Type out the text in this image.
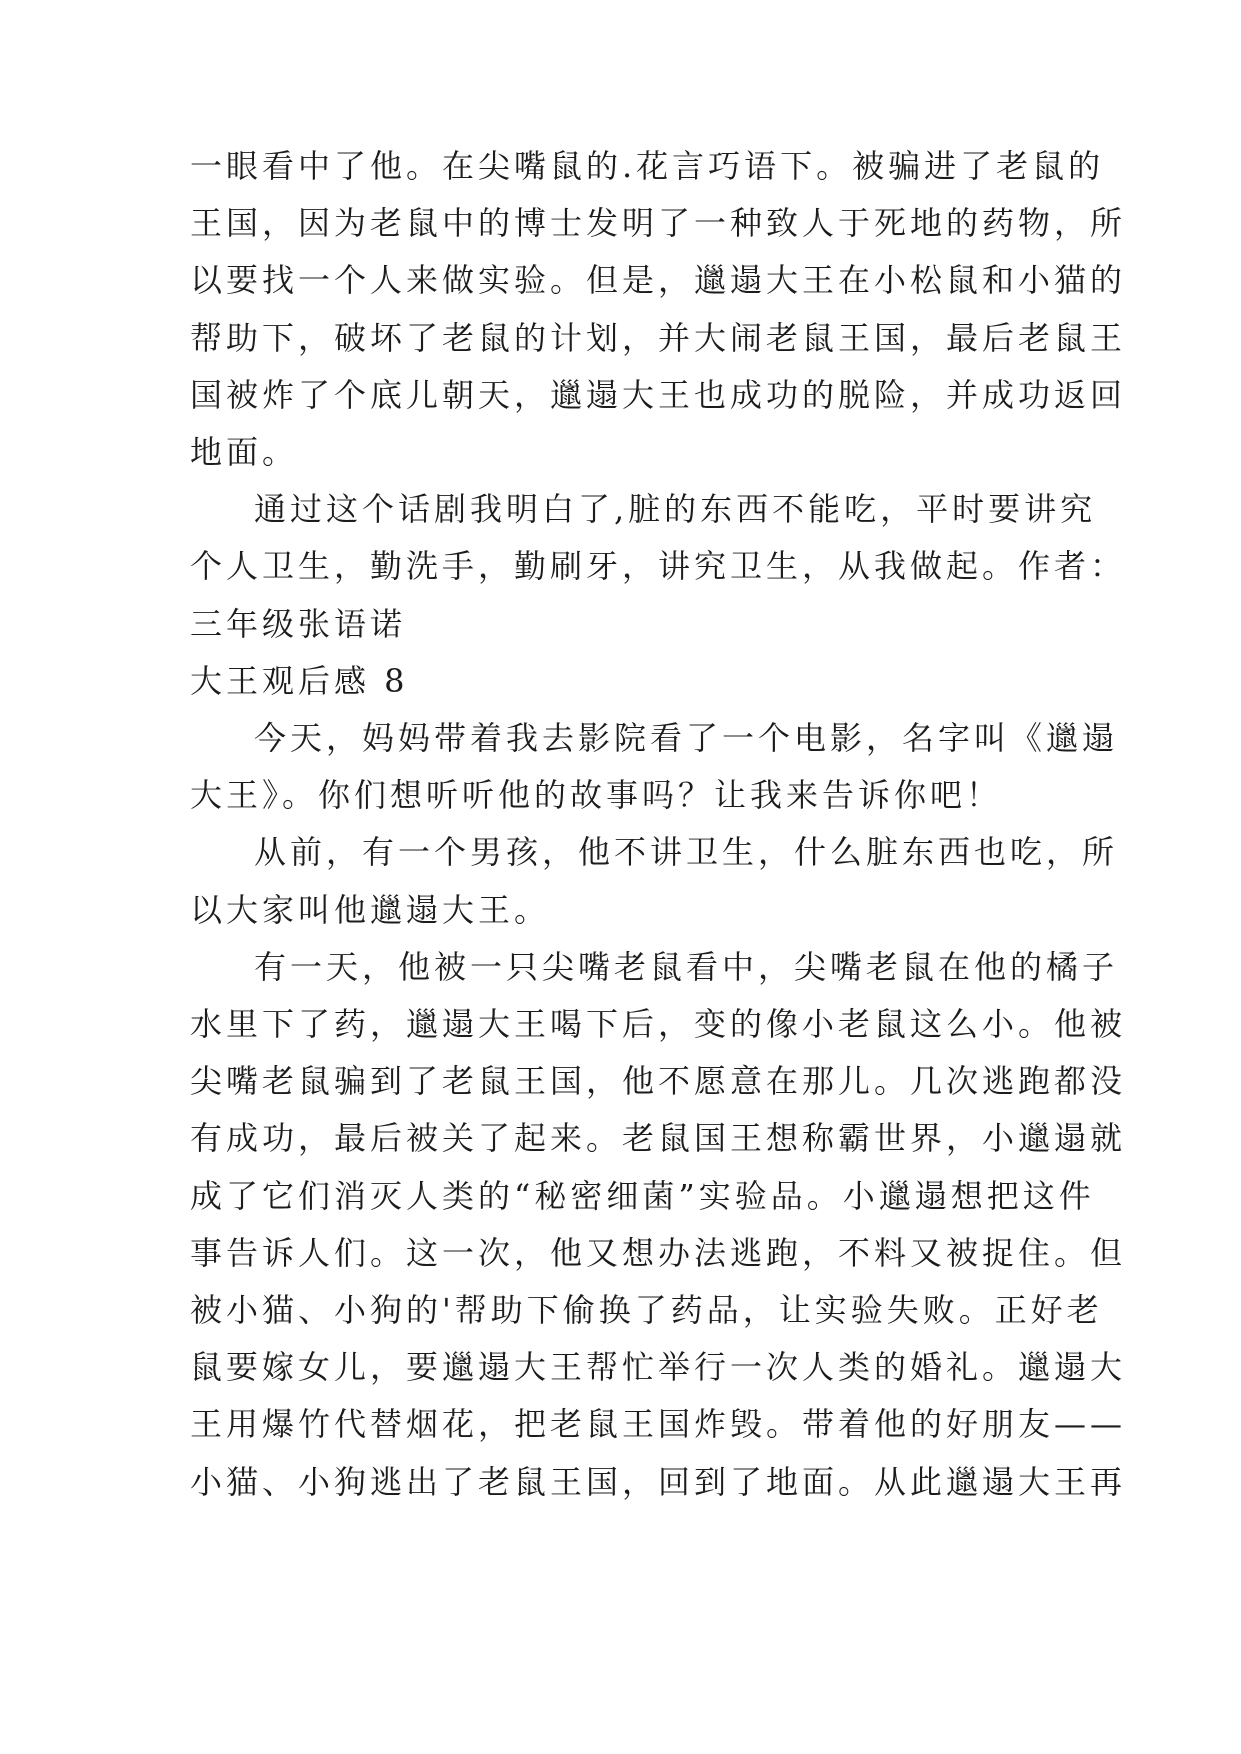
一眼看中了他。在尖嘴鼠的.花言巧语下。被骗进了老鼠的
王国，因为老鼠中的博士发明了一种致人于死地的药物，所
以要找一个人来做实验。但是，邋遢大王在小松鼠和小猫的
帮助下，破坏了老鼠的计划，并大闹老鼠王国，最后老鼠王
国被炸了个底儿朝天，邋遢大王也成功的脱险，并成功返回
地面。
通过这个话剧我明白了,脏的东西不能吃，平时要讲究
个人卫生，勤洗手，勤刷牙，讲究卫生，从我做起。作者：
三年级张语诺
大王观后感 8
今天，妈妈带着我去影院看了一个电影，名字叫《邋遢
大王》。你们想听听他的故事吗？让我来告诉你吧！
从前，有一个男孩，他不讲卫生，什么脏东西也吃，所
以大家叫他邋遢大王。
有一天，他被一只尖嘴老鼠看中，尖嘴老鼠在他的橘子
水里下了药，邋遢大王喝下后，变的像小老鼠这么小。他被
尖嘴老鼠骗到了老鼠王国，他不愿意在那儿。几次逃跑都没
有成功，最后被关了起来。老鼠国王想称霸世界，小邋遢就
成了它们消灭人类的“秘密细菌”实验品。小邋遢想把这件
事告诉人们。这一次，他又想办法逃跑，不料又被捉住。但
被小猫、小狗的'帮助下偷换了药品，让实验失败。正好老
鼠要嫁女儿，要邋遢大王帮忙举行一次人类的婚礼。邋遢大
王用爆竹代替烟花，把老鼠王国炸毁。带着他的好朋友——
小猫、小狗逃出了老鼠王国，回到了地面。从此邋遢大王再
